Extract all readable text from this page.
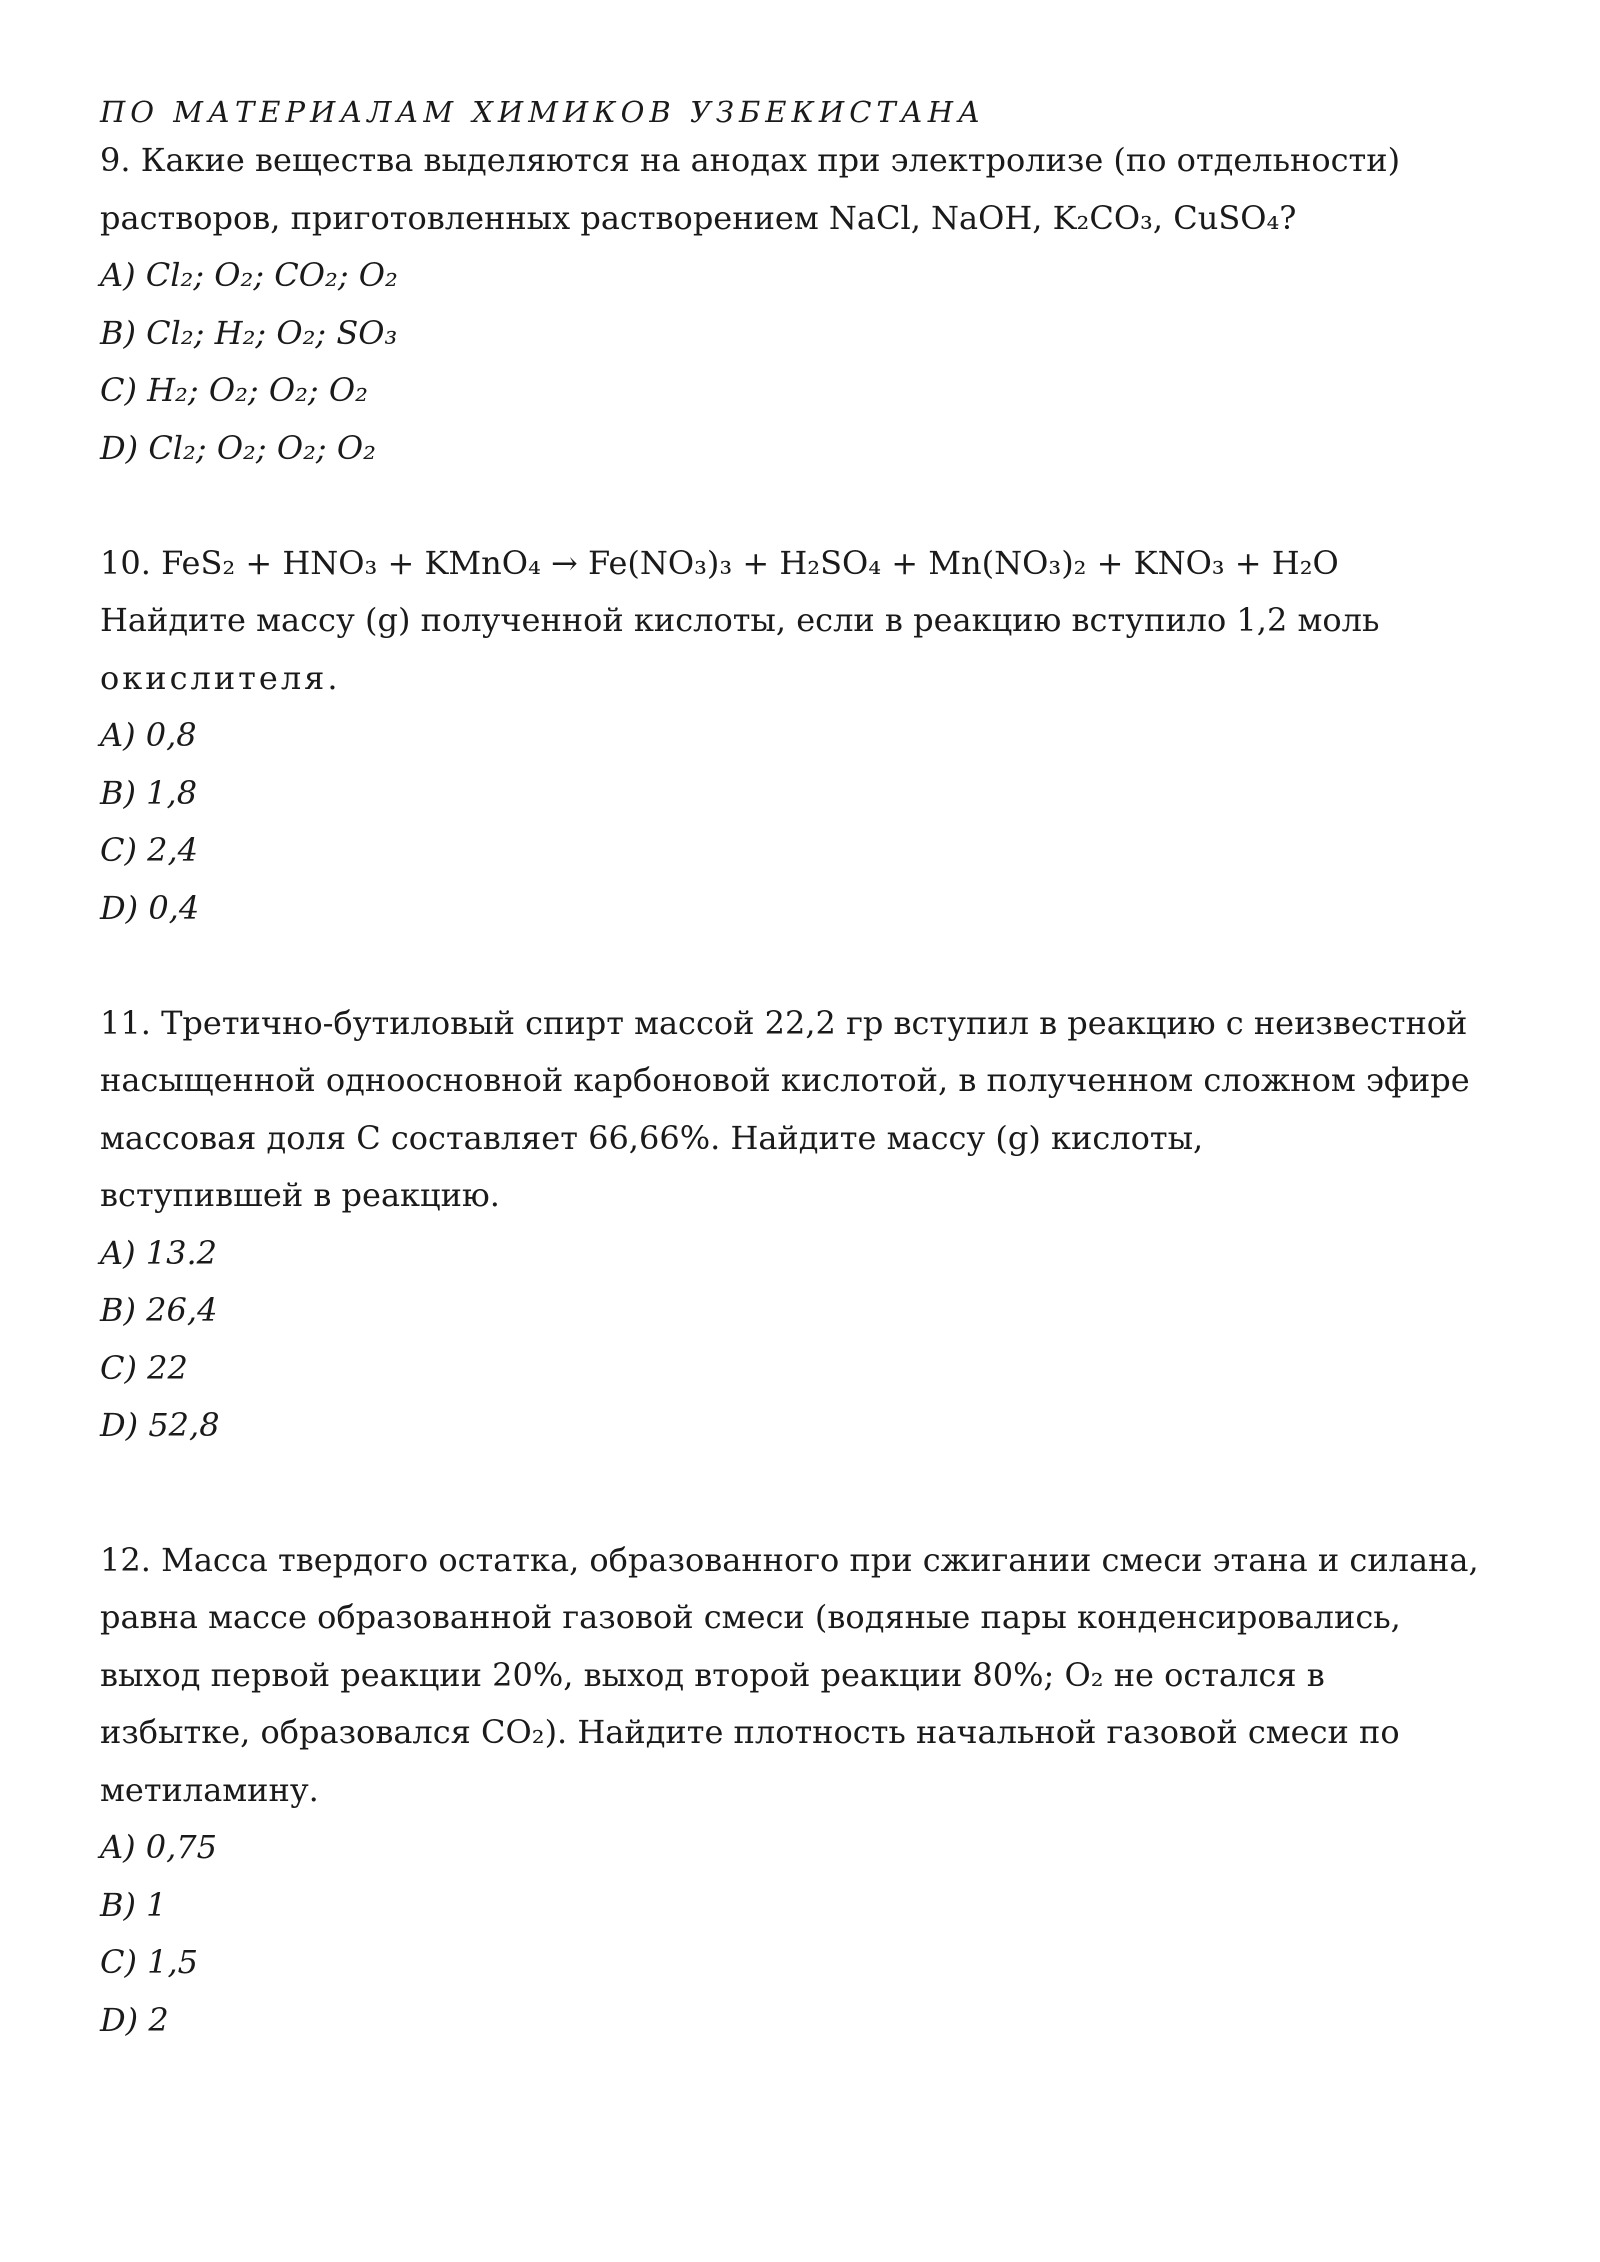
ПО МАТЕРИАЛАМ ХИМИКОВ УЗБЕКИСТАНА
9. Какие вещества выделяются на анодах при электролизе (по отдельности)
растворов, приготовленных растворением NaCl, NaOH, K₂CO₃, CuSO₄?
A) Cl₂; O₂; CO₂; O₂
B) Cl₂; H₂; O₂; SO₃
C) H₂; O₂; O₂; O₂
D) Cl₂; O₂; O₂; O₂
10. FeS₂ + HNO₃ + KMnO₄ → Fe(NO₃)₃ + H₂SO₄ + Mn(NO₃)₂ + KNO₃ + H₂O
Найдите массу (g) полученной кислоты, если в реакцию вступило 1,2 моль
окислителя.
A) 0,8
B) 1,8
C) 2,4
D) 0,4
11. Третично-бутиловый спирт массой 22,2 гр вступил в реакцию с неизвестной
насыщенной одноосновной карбоновой кислотой, в полученном сложном эфире
массовая доля C составляет 66,66%. Найдите массу (g) кислоты,
вступившей в реакцию.
A) 13.2
B) 26,4
C) 22
D) 52,8
12. Масса твердого остатка, образованного при сжигании смеси этана и силана,
равна массе образованной газовой смеси (водяные пары конденсировались,
выход первой реакции 20%, выход второй реакции 80%; O₂ не остался в
избытке, образовался CO₂). Найдите плотность начальной газовой смеси по
метиламину.
A) 0,75
B) 1
C) 1,5
D) 2
